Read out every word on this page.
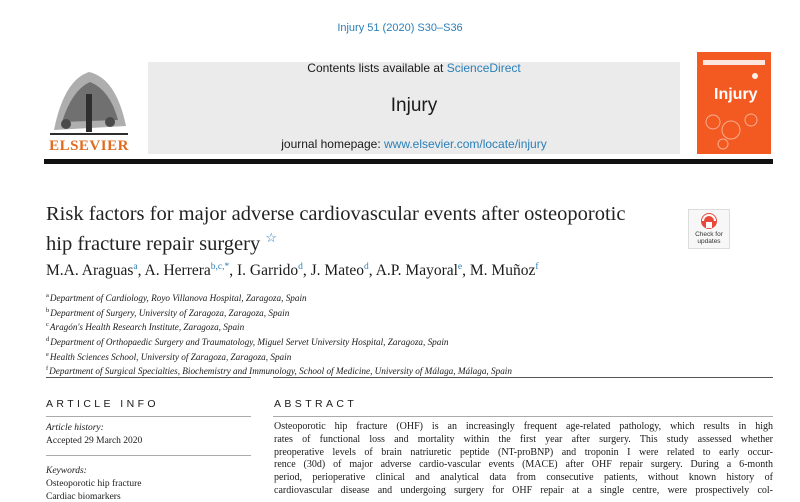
Injury 51 (2020) S30–S36
ELSEVIER
Contents lists available at ScienceDirect
Injury
journal homepage: www.elsevier.com/locate/injury
Injury
Risk factors for major adverse cardiovascular events after osteoporotic
hip fracture repair surgery ☆	Check for
updates
M.A. Araguas$^a$, A. Herrera$^{b,c,*}$, I. Garrido$^d$, J. Mateo$^d$, A.P. Mayoral$^e$, M. Muñoz$^f$
$^a$Department of Cardiology, Royo Villanova Hospital, Zaragoza, Spain
$^b$Department of Surgery, University of Zaragoza, Zaragoza, Spain
$^c$Aragón's Health Research Institute, Zaragoza, Spain
$^d$Department of Orthopaedic Surgery and Traumatology, Miguel Servet University Hospital, Zaragoza, Spain
$^e$Health Sciences School, University of Zaragoza, Zaragoza, Spain
$^f$Department of Surgical Specialties, Biochemistry and Immunology, School of Medicine, University of Málaga, Málaga, Spain
ARTICLE INFO	ABSTRACT
Article history:
Accepted 29 March 2020
Keywords:
Osteoporotic hip fracture
Cardiac biomarkers
Osteoporotic hip fracture (OHF) is an increasingly frequent age-related pathology, which results in high
rates of functional loss and mortality within the first year after surgery. This study assessed whether
preoperative levels of brain natriuretic peptide (NT-proBNP) and troponin I were related to early occur-
rence (30d) of major adverse cardio-vascular events (MACE) after OHF repair surgery. During a 6-month
period, perioperative clinical and analytical data from consecutive patients, without known history of
cardiovascular disease and undergoing surgery for OHF repair at a single centre, were prospectively col-
